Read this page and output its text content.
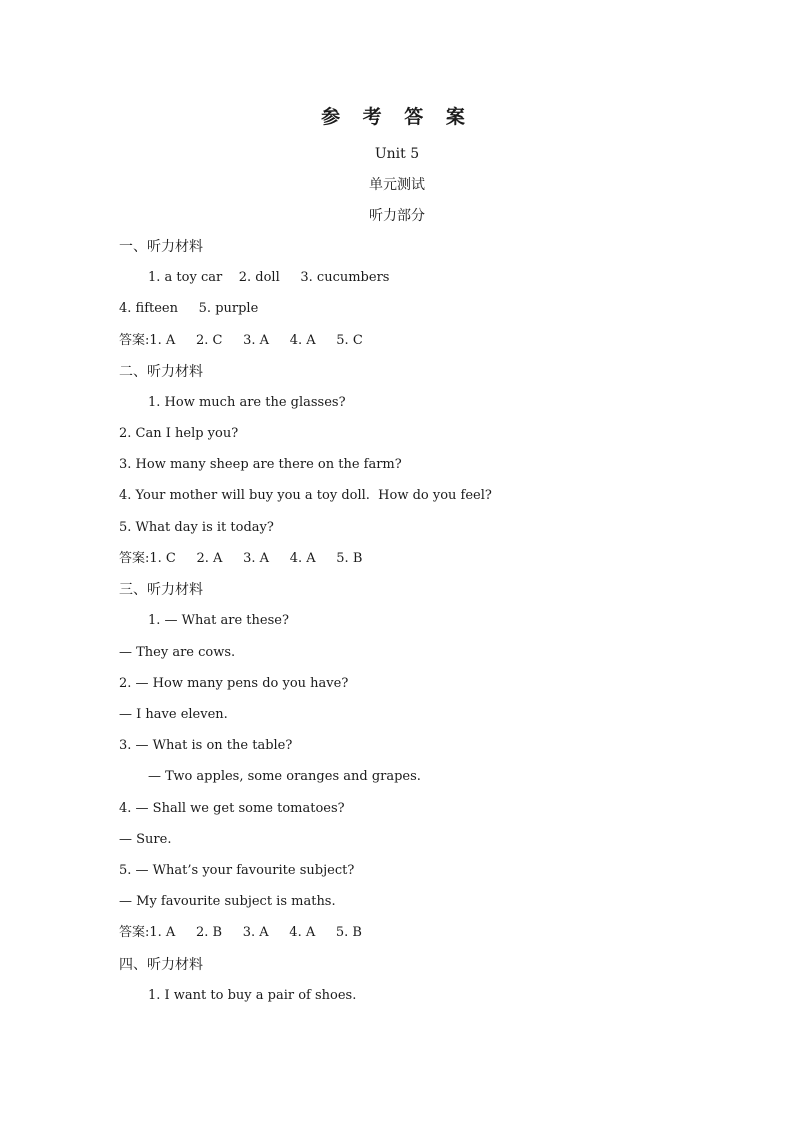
参 考 答 案
Unit 5
单元测试
听力部分
一、听力材料
1. a toy car    2. doll     3. cucumbers
4. fifteen     5. purple
答案:1. A     2. C     3. A     4. A     5. C
二、听力材料
1. How much are the glasses?
2. Can I help you?
3. How many sheep are there on the farm?
4. Your mother will buy you a toy doll.  How do you feel?
5. What day is it today?
答案:1. C     2. A     3. A     4. A     5. B
三、听力材料
1. — What are these?
— They are cows.
2. — How many pens do you have?
— I have eleven.
3. — What is on the table?
— Two apples, some oranges and grapes.
4. — Shall we get some tomatoes?
— Sure.
5. — What’s your favourite subject?
— My favourite subject is maths.
答案:1. A     2. B     3. A     4. A     5. B
四、听力材料
1. I want to buy a pair of shoes.
